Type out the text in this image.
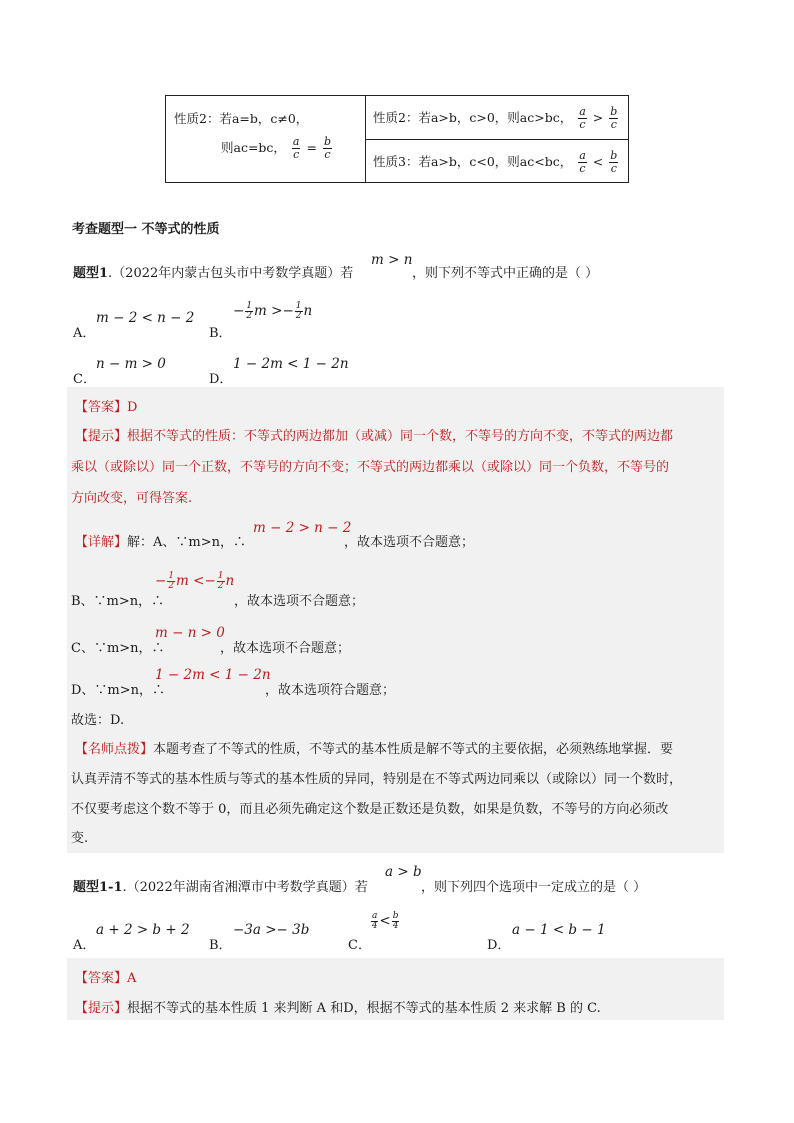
性质2：若a=b，c≠0，
则ac=bc， $\frac{a}{c} = \frac{b}{c}$
性质2：若a>b，c>0，则ac>bc， $\frac{a}{c} > \frac{b}{c}$
性质3：若a>b，c<0，则ac<bc， $\frac{a}{c} < \frac{b}{c}$
考查题型一 不等式的性质
题型1.（2022年内蒙古包头市中考数学真题）若
m > n
，则下列不等式中正确的是（ ）
A．
m − 2 < n − 2
B．
− $\frac{1}{2}$ $m >- \frac{1}{2}$ n
C．
n − m > 0
D．
1 − 2m < 1 − 2n
【答案】D
【提示】根据不等式的性质：不等式的两边都加（或减）同一个数，不等号的方向不变，不等式的两边都
乘以（或除以）同一个正数，不等号的方向不变；不等式的两边都乘以（或除以）同一个负数，不等号的
方向改变，可得答案.
【详解】解：A、∵m>n，∴
m − 2 > n − 2
，故本选项不合题意；
B、∵m>n，∴
− $\frac{1}{2}$ $m <- \frac{1}{2}$ n
，故本选项不合题意；
C、∵m>n，∴
m − n > 0
，故本选项不合题意；
D、∵m>n，∴
1 − 2m < 1 − 2n
，故本选项符合题意；
故选：D.
【名师点拨】本题考查了不等式的性质，不等式的基本性质是解不等式的主要依据，必须熟练地掌握．要
认真弄清不等式的基本性质与等式的基本性质的异同，特别是在不等式两边同乘以（或除以）同一个数时，
不仅要考虑这个数不等于 0，而且必须先确定这个数是正数还是负数，如果是负数，不等号的方向必须改
变.
题型1-1.（2022年湖南省湘潭市中考数学真题）若
a > b
，则下列四个选项中一定成立的是（ ）
A．
a + 2 > b + 2
B．
−3a >− 3b
C．
$\frac{a}{4} < \frac{b}{4}$
D．
a − 1 < b − 1
【答案】A
【提示】根据不等式的基本性质 1 来判断 A 和D，根据不等式的基本性质 2 来求解 B 的 C.
